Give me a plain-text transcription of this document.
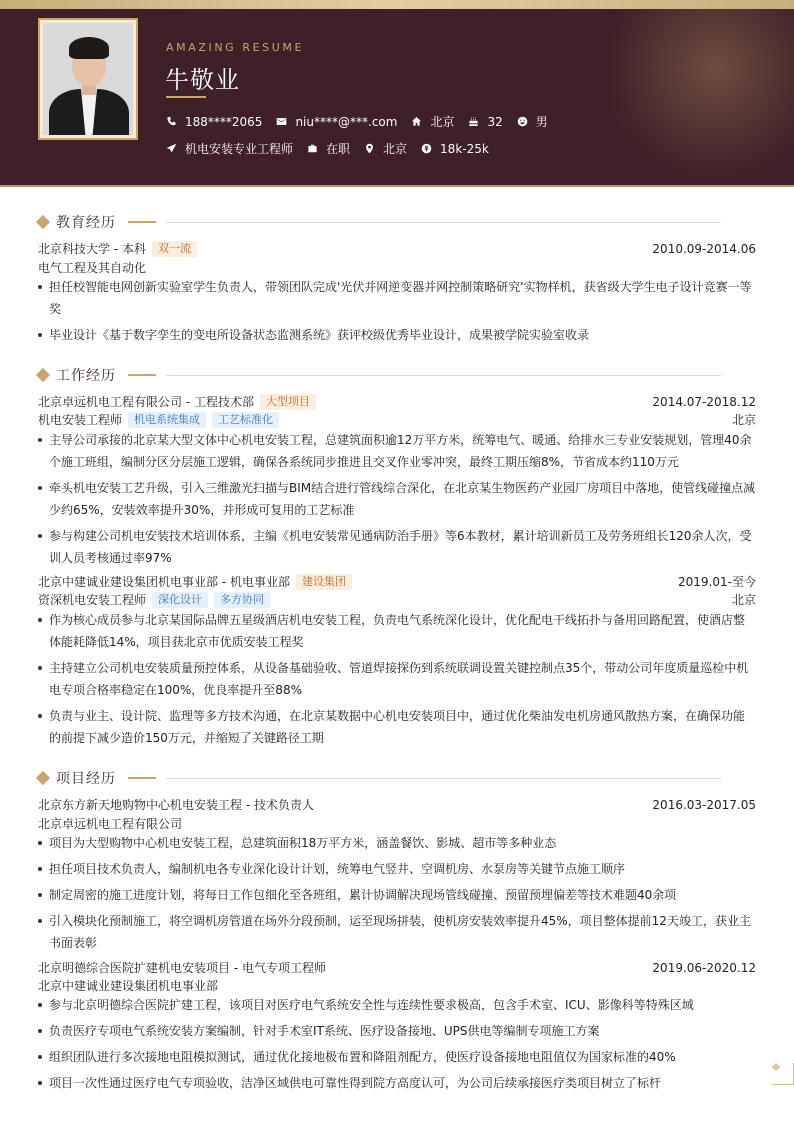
AMAZING RESUME
牛敬业
188****2065	niu****@***.com	北京	32	男
机电安装专业工程师	在职	北京	18k-25k
教育经历
北京科技大学 - 本科	双一流	2010.09-2014.06
电气工程及其自动化
担任校智能电网创新实验室学生负责人，带领团队完成'光伏并网逆变器并网控制策略研究'实物样机，获省级大学生电子设计竞赛一等奖
毕业设计《基于数字孪生的变电所设备状态监测系统》获评校级优秀毕业设计，成果被学院实验室收录
工作经历
北京卓远机电工程有限公司 - 工程技术部	大型项目	2014.07-2018.12
机电安装工程师	机电系统集成	工艺标准化	北京
主导公司承接的北京某大型文体中心机电安装工程，总建筑面积逾12万平方米，统筹电气、暖通、给排水三专业安装规划，管理40余个施工班组，编制分区分层施工逻辑，确保各系统同步推进且交叉作业零冲突，最终工期压缩8%，节省成本约110万元
牵头机电安装工艺升级，引入三维激光扫描与BIM结合进行管线综合深化，在北京某生物医药产业园厂房项目中落地，使管线碰撞点减少约65%，安装效率提升30%，并形成可复用的工艺标准
参与构建公司机电安装技术培训体系，主编《机电安装常见通病防治手册》等6本教材，累计培训新员工及劳务班组长120余人次，受训人员考核通过率97%
北京中建诚业建设集团机电事业部 - 机电事业部	建设集团	2019.01-至今
资深机电安装工程师	深化设计	多方协同	北京
作为核心成员参与北京某国际品牌五星级酒店机电安装工程，负责电气系统深化设计，优化配电干线拓扑与备用回路配置，使酒店整体能耗降低14%，项目获北京市优质安装工程奖
主持建立公司机电安装质量预控体系，从设备基础验收、管道焊接探伤到系统联调设置关键控制点35个，带动公司年度质量巡检中机电专项合格率稳定在100%，优良率提升至88%
负责与业主、设计院、监理等多方技术沟通，在北京某数据中心机电安装项目中，通过优化柴油发电机房通风散热方案，在确保功能的前提下减少造价150万元，并缩短了关键路径工期
项目经历
北京东方新天地购物中心机电安装工程 - 技术负责人	2016.03-2017.05
北京卓远机电工程有限公司
项目为大型购物中心机电安装工程，总建筑面积18万平方米，涵盖餐饮、影城、超市等多种业态
担任项目技术负责人，编制机电各专业深化设计计划，统筹电气竖井、空调机房、水泵房等关键节点施工顺序
制定周密的施工进度计划，将每日工作包细化至各班组，累计协调解决现场管线碰撞、预留预埋偏差等技术难题40余项
引入模块化预制施工，将空调机房管道在场外分段预制，运至现场拼装，使机房安装效率提升45%，项目整体提前12天竣工，获业主书面表彰
北京明德综合医院扩建机电安装项目 - 电气专项工程师	2019.06-2020.12
北京中建诚业建设集团机电事业部
参与北京明德综合医院扩建工程，该项目对医疗电气系统安全性与连续性要求极高，包含手术室、ICU、影像科等特殊区域
负责医疗专项电气系统安装方案编制，针对手术室IT系统、医疗设备接地、UPS供电等编制专项施工方案
组织团队进行多次接地电阻模拟测试，通过优化接地极布置和降阻剂配方，使医疗设备接地电阻值仅为国家标准的40%
项目一次性通过医疗电气专项验收，洁净区域供电可靠性得到院方高度认可，为公司后续承接医疗类项目树立了标杆
